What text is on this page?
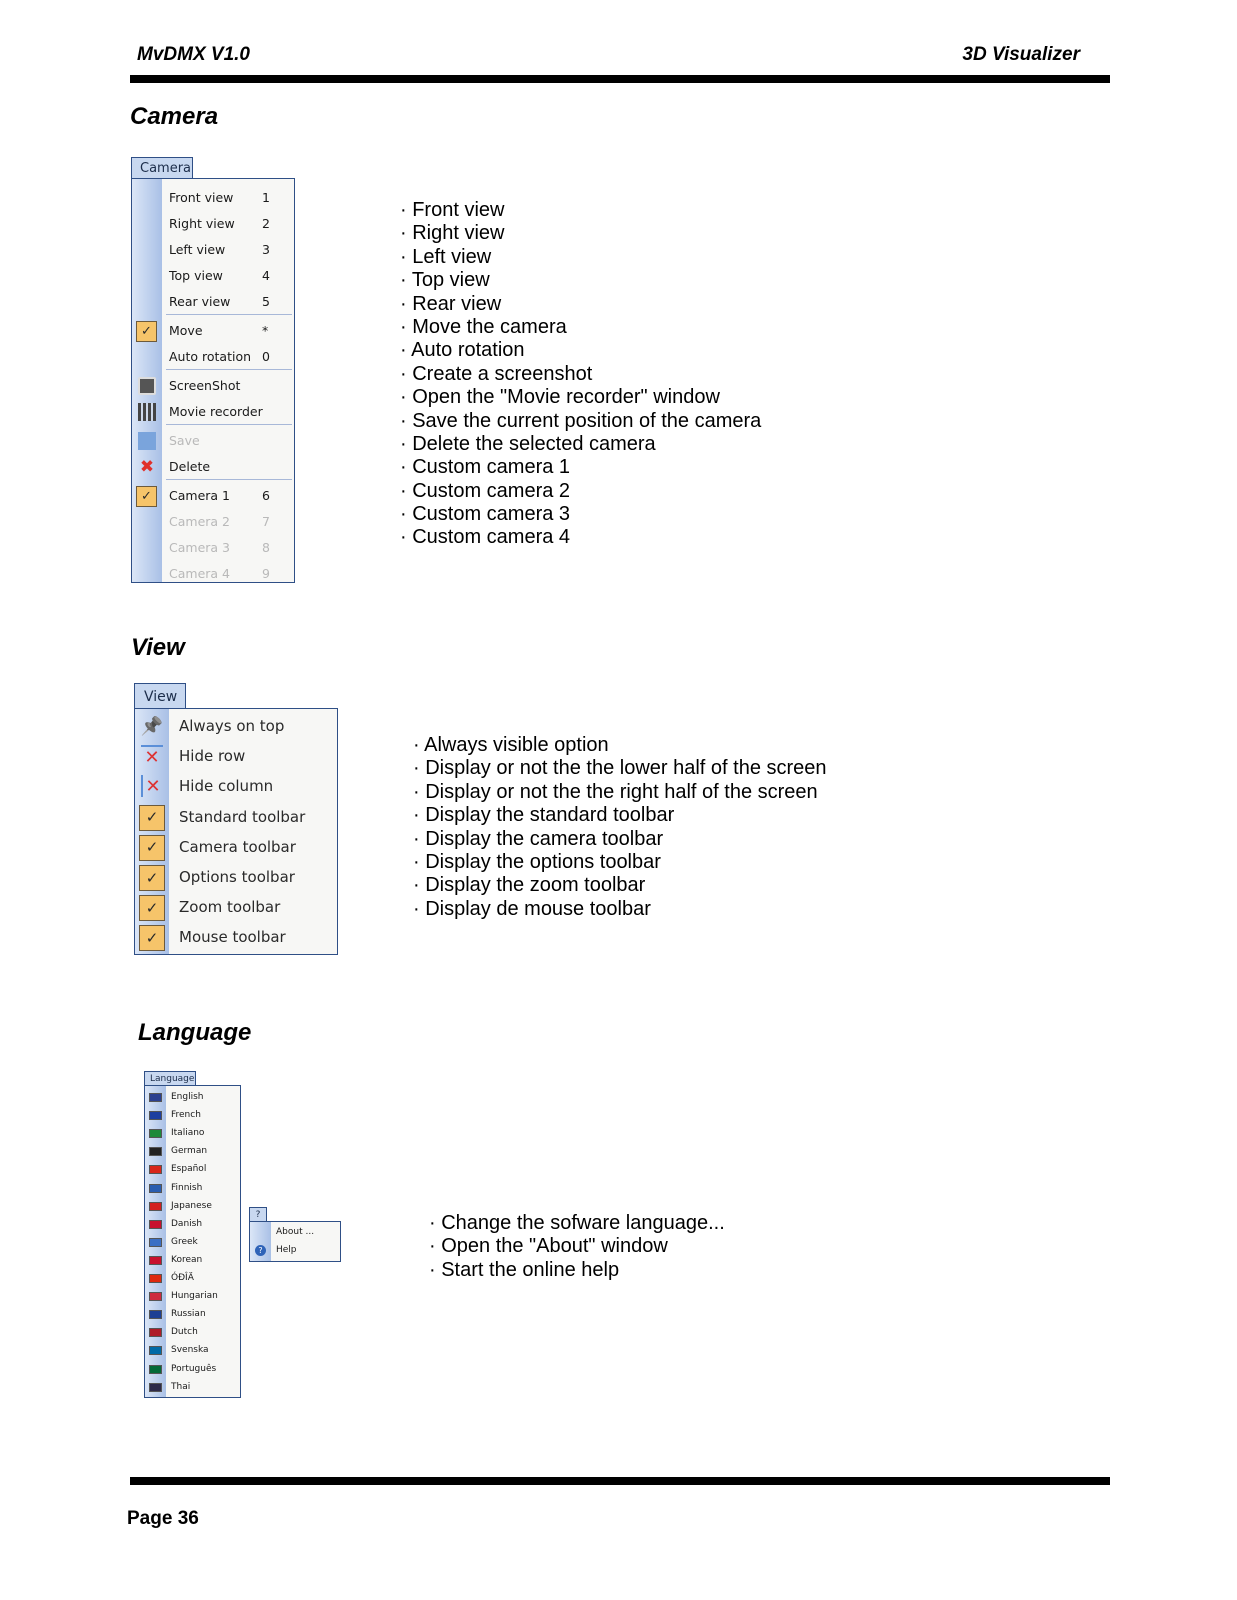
MvDMX V1.0	3D Visualizer
Camera
Camera
Front view 1
Right view 2
Left view	3
Top view	4
Rear view	5
Move	*
✓
Auto rotation 0
ScreenShot
Movie recorder
Save
Delete
✖
Camera 1	6
✓
Camera 2	7
Camera 3	8
Camera 4	9
· Front view
· Right view
· Left view
· Top view
· Rear view
· Move the camera
· Auto rotation
· Create a screenshot
· Open the "Movie recorder" window
· Save the current position of the camera
· Delete the selected camera
· Custom camera 1
· Custom camera 2
· Custom camera 3
· Custom camera 4
View
View
Always on top
📌
Hide row
✕
Hide column
✕
Standard toolbar
✓
Camera toolbar
✓
Options toolbar
✓
Zoom toolbar
✓
Mouse toolbar
✓
· Always visible option
· Display or not the the lower half of the screen
· Display or not the the right half of the screen
· Display the standard toolbar
· Display the camera toolbar
· Display the options toolbar
· Display the zoom toolbar
· Display de mouse toolbar
Language
Language
English
French
Italiano
German
Español
Finnish
Japanese
Danish
Greek
Korean
ÓÐÎÄ
Hungarian
Russian
Dutch
Svenska
Português
Thai
?
About ...
Help
?
· Change the sofware language...
· Open the "About" window
· Start the online help
Page 36
